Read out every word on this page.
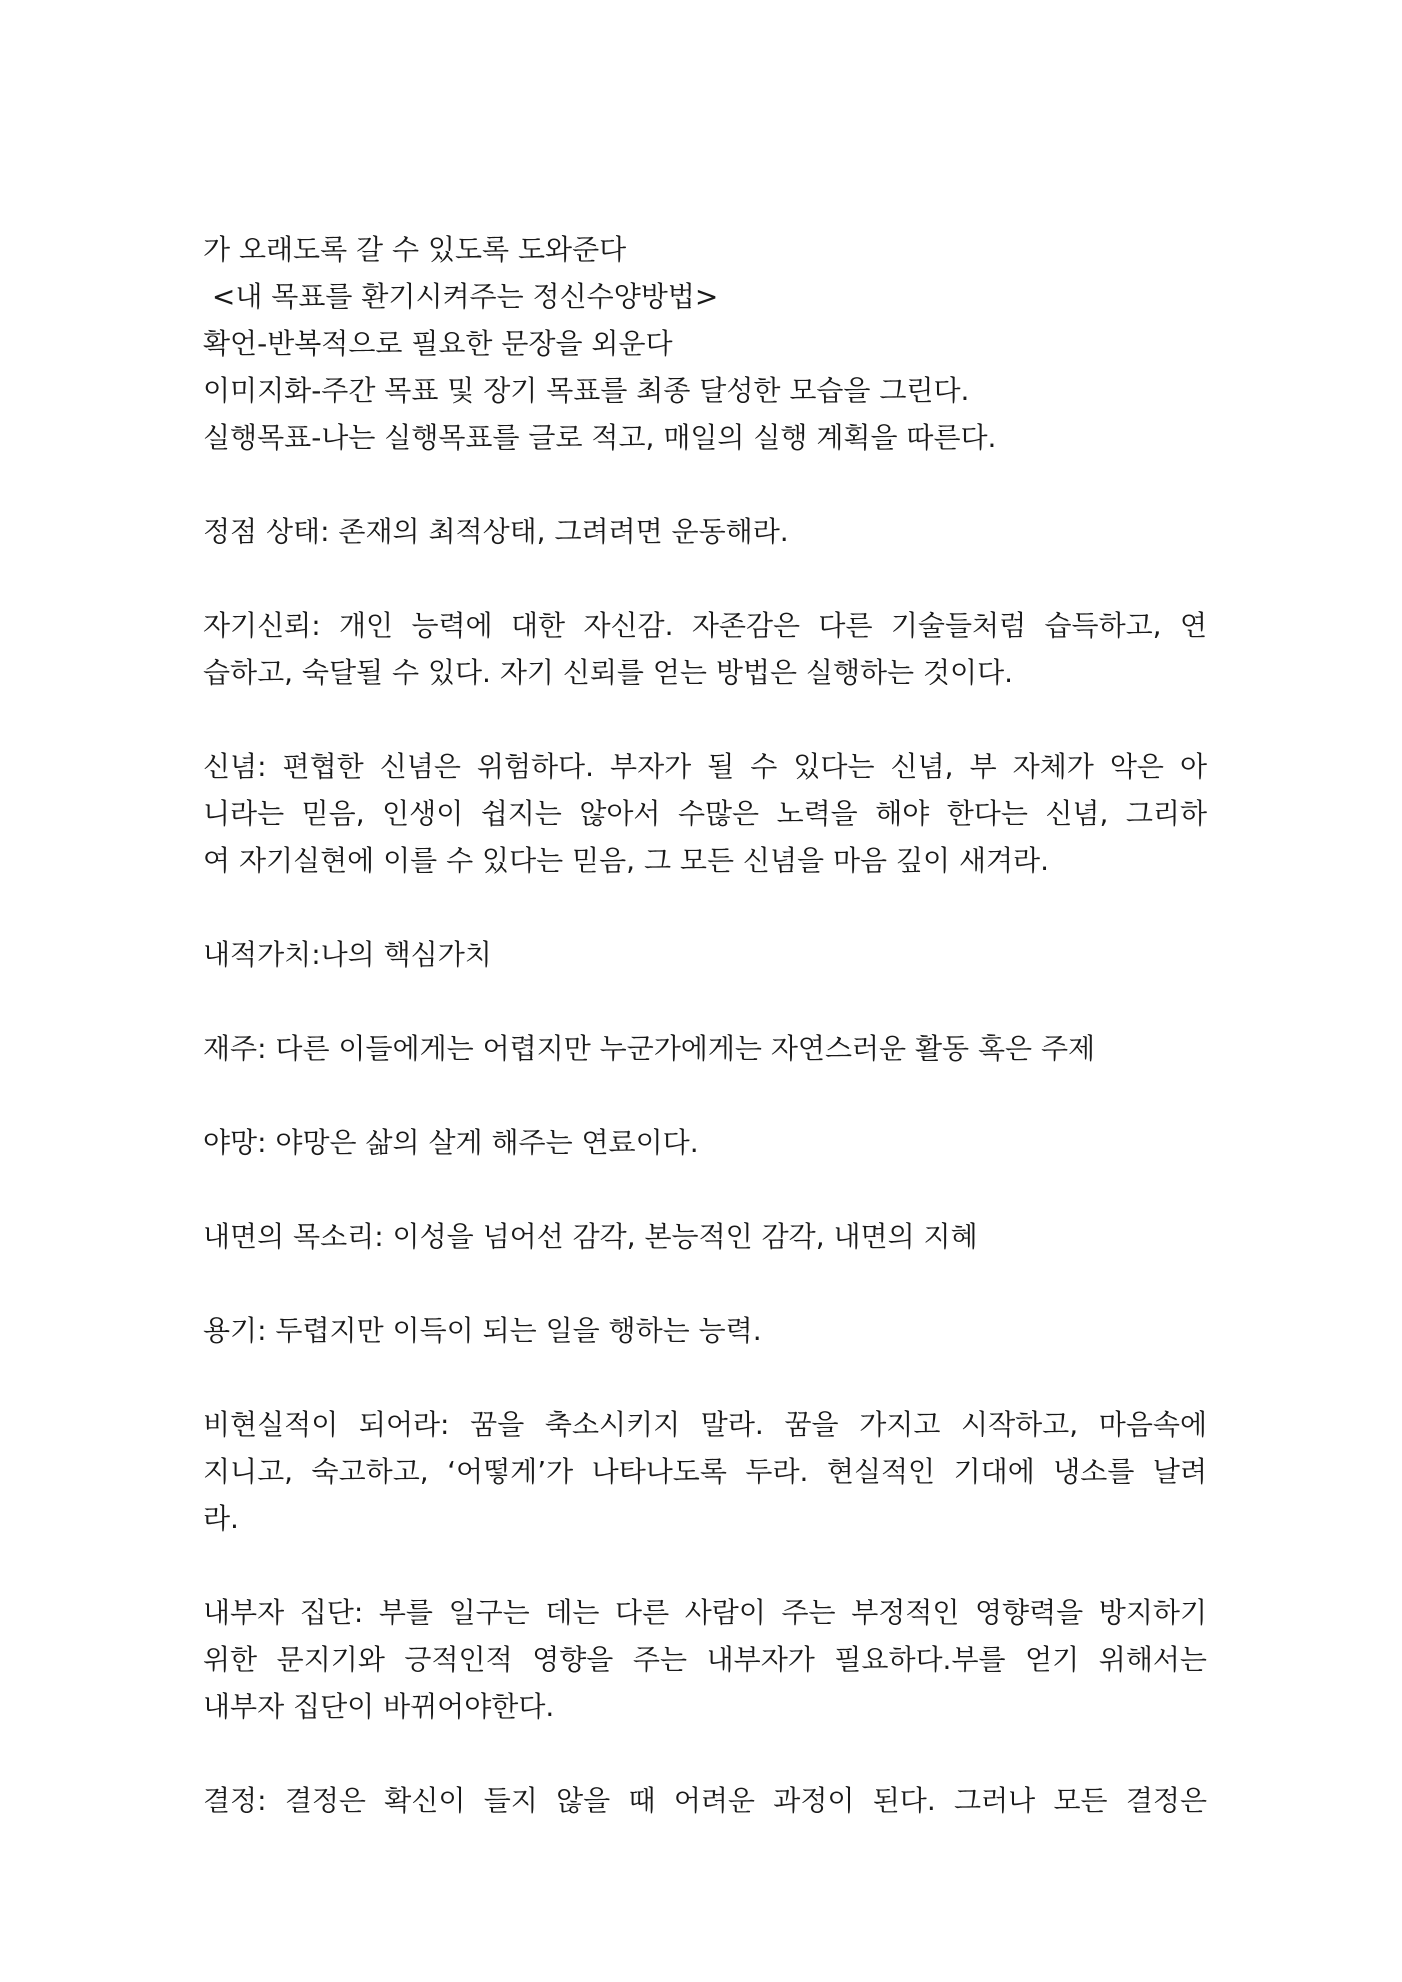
가 오래도록 갈 수 있도록 도와준다
<내 목표를 환기시켜주는 정신수양방법>
확언-반복적으로 필요한 문장을 외운다
이미지화-주간 목표 및 장기 목표를 최종 달성한 모습을 그린다.
실행목표-나는 실행목표를 글로 적고, 매일의 실행 계획을 따른다.
정점 상태: 존재의 최적상태, 그려려면 운동해라.
자기신뢰: 개인 능력에 대한 자신감. 자존감은 다른 기술들처럼 습득하고, 연
습하고, 숙달될 수 있다. 자기 신뢰를 얻는 방법은 실행하는 것이다.
신념: 편협한 신념은 위험하다. 부자가 될 수 있다는 신념, 부 자체가 악은 아
니라는 믿음, 인생이 쉽지는 않아서 수많은 노력을 해야 한다는 신념, 그리하
여 자기실현에 이를 수 있다는 믿음, 그 모든 신념을 마음 깊이 새겨라.
내적가치:나의 핵심가치
재주: 다른 이들에게는 어렵지만 누군가에게는 자연스러운 활동 혹은 주제
야망: 야망은 삶의 살게 해주는 연료이다.
내면의 목소리: 이성을 넘어선 감각, 본능적인 감각, 내면의 지혜
용기: 두렵지만 이득이 되는 일을 행하는 능력.
비현실적이 되어라: 꿈을 축소시키지 말라. 꿈을 가지고 시작하고, 마음속에
지니고, 숙고하고, ‘어떻게’가 나타나도록 두라. 현실적인 기대에 냉소를 날려
라.
내부자 집단: 부를 일구는 데는 다른 사람이 주는 부정적인 영향력을 방지하기
위한 문지기와 긍적인적 영향을 주는 내부자가 필요하다.부를 얻기 위해서는
내부자 집단이 바뀌어야한다.
결정: 결정은 확신이 들지 않을 때 어려운 과정이 된다. 그러나 모든 결정은
